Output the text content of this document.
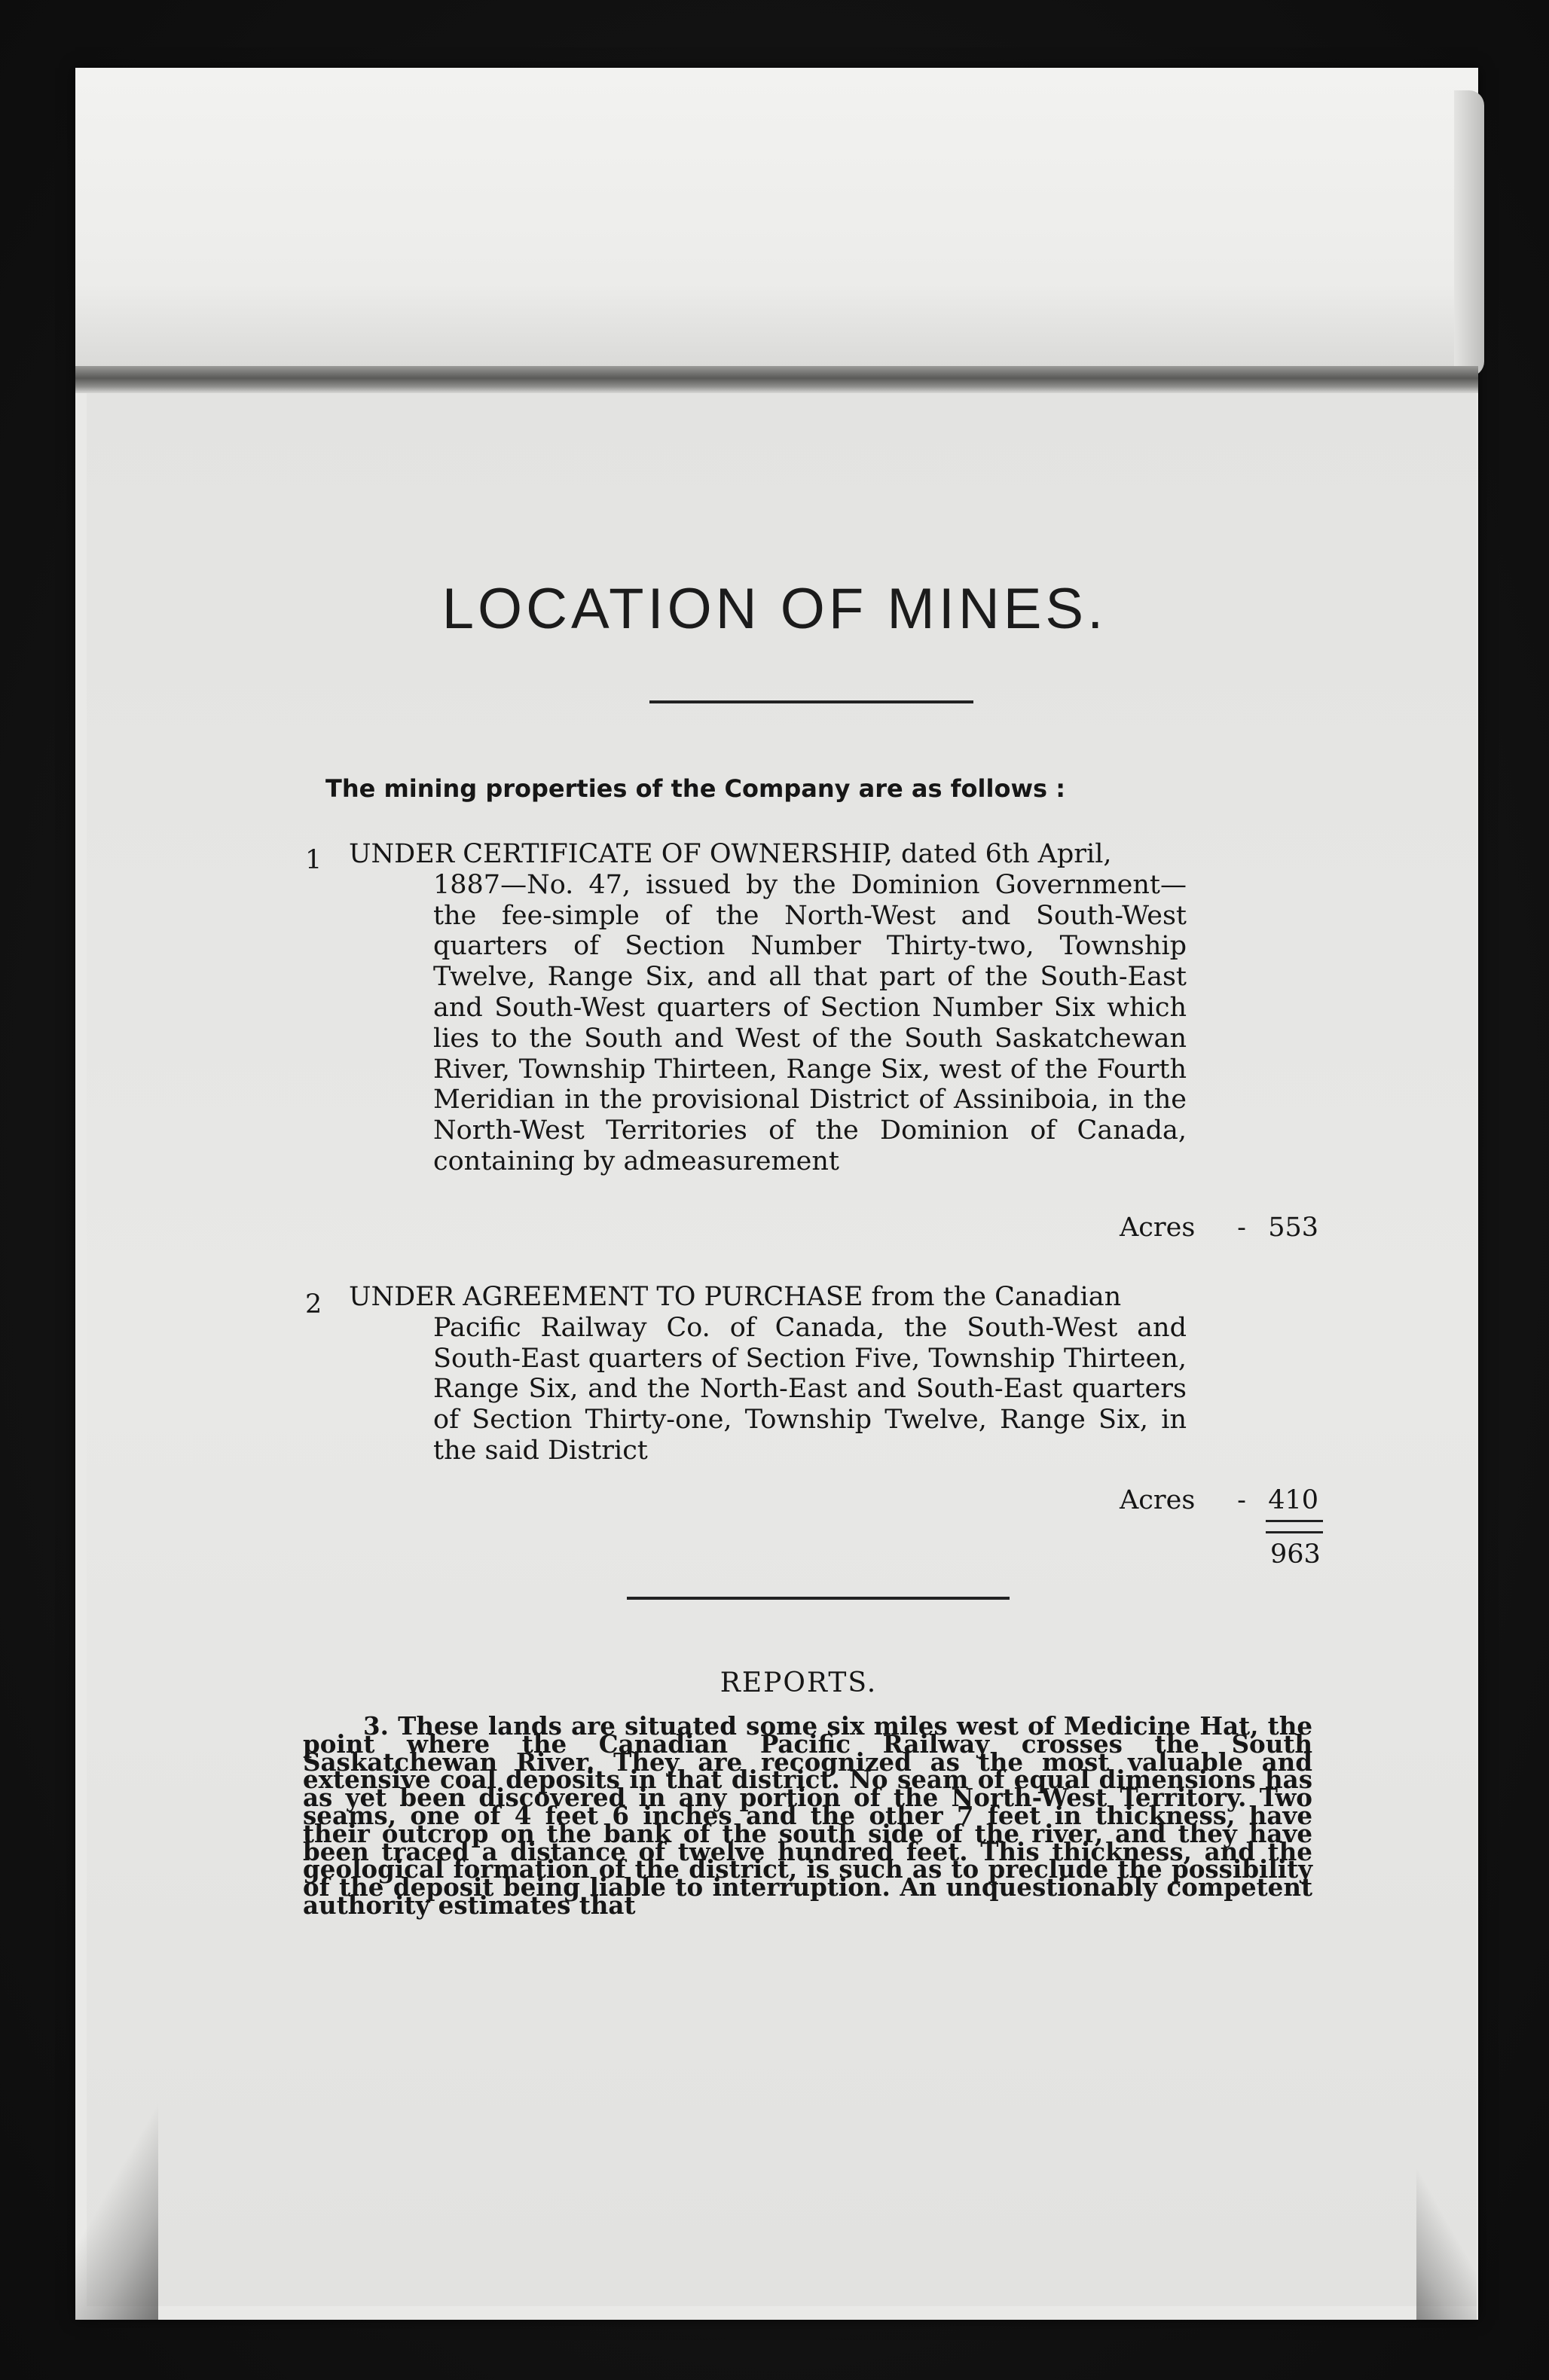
LOCATION OF MINES.
The mining properties of the Company are as follows :
1 UNDER CERTIFICATE OF OWNERSHIP, dated 6th April,
1887—No. 47, issued by the Dominion Government—the fee-simple of the North-West and South-West quarters of Section Number Thirty-two, Township Twelve, Range Six, and all that part of the South-East and South-West quarters of Section Number Six which lies to the South and West of the South Saskatchewan River, Township Thirteen, Range Six, west of the Fourth Meridian in the provisional District of Assiniboia, in the North-West Territories of the Dominion of Canada, containing by admeasurement
Acres - 553
2 UNDER AGREEMENT TO PURCHASE from the Canadian
Pacific Railway Co. of Canada, the South-West and South-East quarters of Section Five, Township Thirteen, Range Six, and the North-East and South-East quarters of Section Thirty-one, Township Twelve, Range Six, in the said District
Acres - 410
963
REPORTS.
3. These lands are situated some six miles west of Medicine Hat, the point where the Canadian Pacific Railway crosses the South Saskatchewan River. They are recognized as the most valuable and extensive coal deposits in that district. No seam of equal dimensions has as yet been discovered in any portion of the North-West Territory. Two seams, one of 4 feet 6 inches and the other 7 feet in thickness, have their outcrop on the bank of the south side of the river, and they have been traced a distance of twelve hundred feet. This thickness, and the geological formation of the district, is such as to preclude the possibility of the deposit being liable to interruption. An unquestionably competent authority estimates that
